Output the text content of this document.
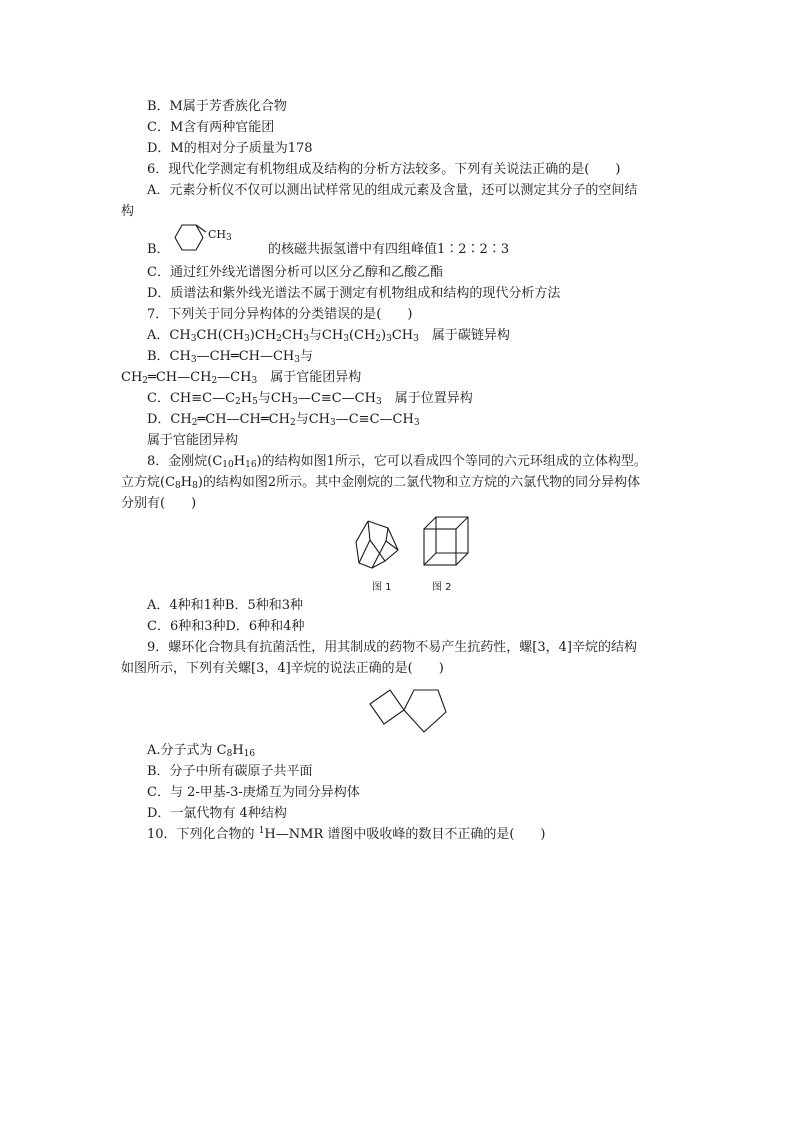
B．M属于芳香族化合物
C．M含有两种官能团
D．M的相对分子质量为178
6．现代化学测定有机物组成及结构的分析方法较多。下列有关说法正确的是(　　)
A．元素分析仪不仅可以测出试样常见的组成元素及含量，还可以测定其分子的空间结
构
B．
$CH_3$
的核磁共振氢谱中有四组峰值1∶2∶2∶3
C．通过红外线光谱图分析可以区分乙醇和乙酸乙酯
D．质谱法和紫外线光谱法不属于测定有机物组成和结构的现代分析方法
7．下列关于同分异构体的分类错误的是(　　)
A．$CH_3CH(CH_3)CH_2CH_3$与$CH_3(CH_2)_3CH_3$　属于碳链异构
B．$CH_3—CH═CH—CH_3$与
$CH_2═CH—CH_2—CH_3$　属于官能团异构
C．$CH\equiv C—C_2H_5$与$CH_3—C\equiv C—CH_3$　属于位置异构
D．$CH_2═CH—CH═CH_2$与$CH_3—C\equiv C—CH_3$
属于官能团异构
8．金刚烷$(C_{10}H_{16})$的结构如图1所示，它可以看成四个等同的六元环组成的立体构型。
立方烷$(C_8H_8)$的结构如图2所示。其中金刚烷的二氯代物和立方烷的六氯代物的同分异构体
分别有(　　)
图 1	图 2
A．4种和1种B．5种和3种
C．6种和3种D．6种和4种
9．螺环化合物具有抗菌活性，用其制成的药物不易产生抗药性，螺[3，4]辛烷的结构
如图所示，下列有关螺[3，4]辛烷的说法正确的是(　　)
A.分子式为 $C_8H_{16}$
B．分子中所有碳原子共平面
C．与 2-甲基-3-庚烯互为同分异构体
D．一氯代物有 4种结构
10．下列化合物的 $^1$H—NMR 谱图中吸收峰的数目不正确的是(　　)
